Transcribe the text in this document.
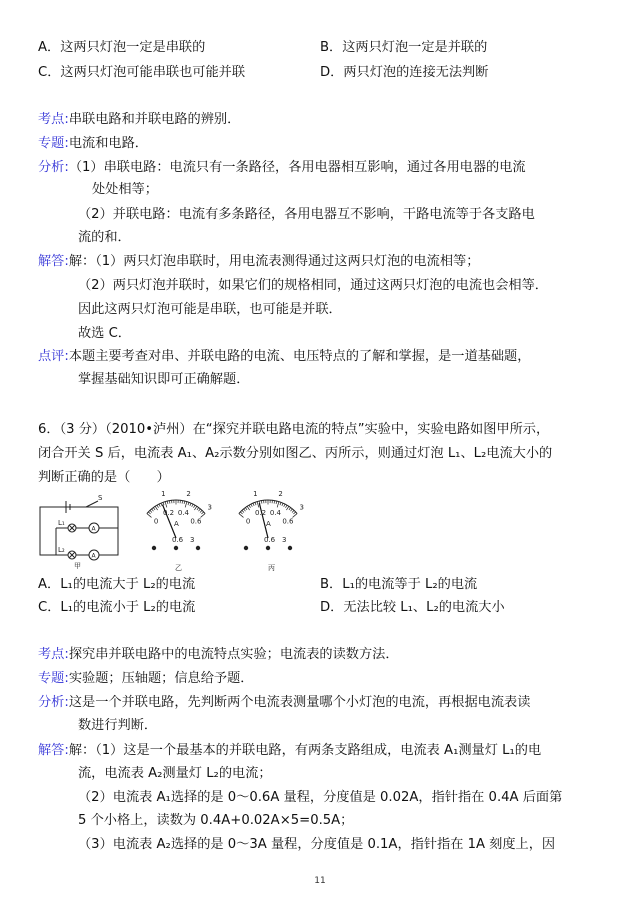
A．这两只灯泡一定是串联的	B．这两只灯泡一定是并联的
C．这两只灯泡可能串联也可能并联	D．两只灯泡的连接无法判断
考点:串联电路和并联电路的辨别．
专题:电流和电路．
分析:（1）串联电路：电流只有一条路径，各用电器相互影响，通过各用电器的电流
处处相等；
（2）并联电路：电流有多条路径，各用电器互不影响，干路电流等于各支路电
流的和．
解答:解：（1）两只灯泡串联时，用电流表测得通过这两只灯泡的电流相等；
（2）两只灯泡并联时，如果它们的规格相同，通过这两只灯泡的电流也会相等．
因此这两只灯泡可能是串联，也可能是并联．
故选 C．
点评:本题主要考查对串、并联电路的电流、电压特点的了解和掌握，是一道基础题，
掌握基础知识即可正确解题．
6．（3 分）（2010•泸州）在“探究并联电路电流的特点”实验中，实验电路如图甲所示，
闭合开关 S 后，电流表 A₁、A₂示数分别如图乙、丙所示，则通过灯泡 L₁、L₂电流大小的
判断正确的是（　　）
S
L₁
L₂
A
A
甲
0
0.2 0.4
0.6
1	2
3
A
0.6 3
乙
0
0.2 0.4
0.6
1	2
3
A
0.6 3
丙
A．L₁的电流大于 L₂的电流	B．L₁的电流等于 L₂的电流
C．L₁的电流小于 L₂的电流	D．无法比较 L₁、L₂的电流大小
考点:探究串并联电路中的电流特点实验；电流表的读数方法．
专题:实验题；压轴题；信息给予题．
分析:这是一个并联电路，先判断两个电流表测量哪个小灯泡的电流，再根据电流表读
数进行判断．
解答:解：（1）这是一个最基本的并联电路，有两条支路组成，电流表 A₁测量灯 L₁的电
流，电流表 A₂测量灯 L₂的电流；
（2）电流表 A₁选择的是 0～0.6A 量程，分度值是 0.02A，指针指在 0.4A 后面第
5 个小格上，读数为 0.4A+0.02A×5=0.5A；
（3）电流表 A₂选择的是 0～3A 量程，分度值是 0.1A，指针指在 1A 刻度上，因
11
